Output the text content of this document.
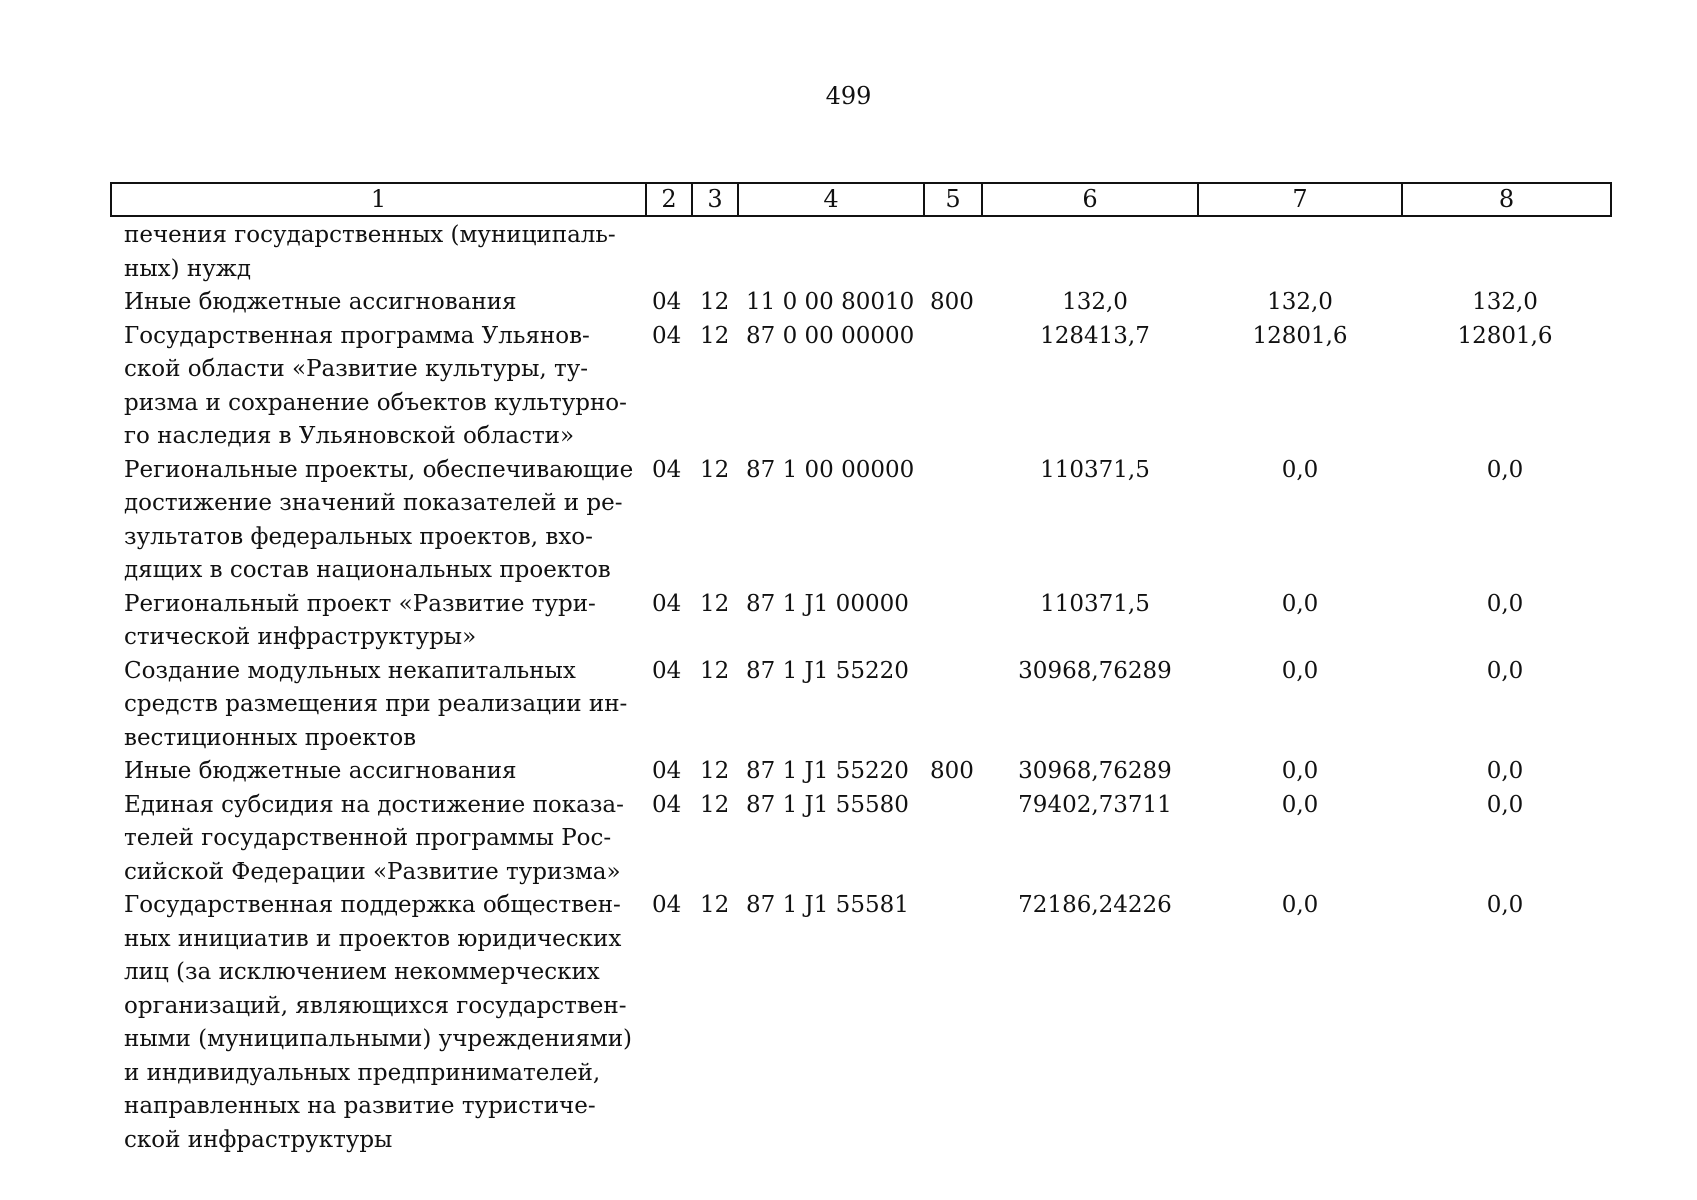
499
1	2	3	4	5	6	7	8
печения государственных (муниципаль-
ных) нужд
Иные бюджетные ассигнования	04 12 11 0 00 80010 800	132,0	132,0	132,0
Государственная программа Ульянов-
ской области «Развитие культуры, ту-
ризма и сохранение объектов культурно-
го наследия в Ульяновской области»
04 12 87 0 00 00000	128413,7	12801,6	12801,6
Региональные проекты, обеспечивающие
достижение значений показателей и ре-
зультатов федеральных проектов, вхо-
дящих в состав национальных проектов
04 12 87 1 00 00000	110371,5	0,0	0,0
Региональный проект «Развитие тури-
стической инфраструктуры»
04 12 87 1 J1 00000	110371,5	0,0	0,0
Создание модульных некапитальных
средств размещения при реализации ин-
вестиционных проектов
04 12 87 1 J1 55220	30968,76289	0,0	0,0
Иные бюджетные ассигнования	04 12 87 1 J1 55220 800	30968,76289	0,0	0,0
Единая субсидия на достижение показа-
телей государственной программы Рос-
сийской Федерации «Развитие туризма»
04 12 87 1 J1 55580	79402,73711	0,0	0,0
Государственная поддержка обществен-
ных инициатив и проектов юридических
лиц (за исключением некоммерческих
организаций, являющихся государствен-
ными (муниципальными) учреждениями)
и индивидуальных предпринимателей,
направленных на развитие туристиче-
ской инфраструктуры
04 12 87 1 J1 55581	72186,24226	0,0	0,0
